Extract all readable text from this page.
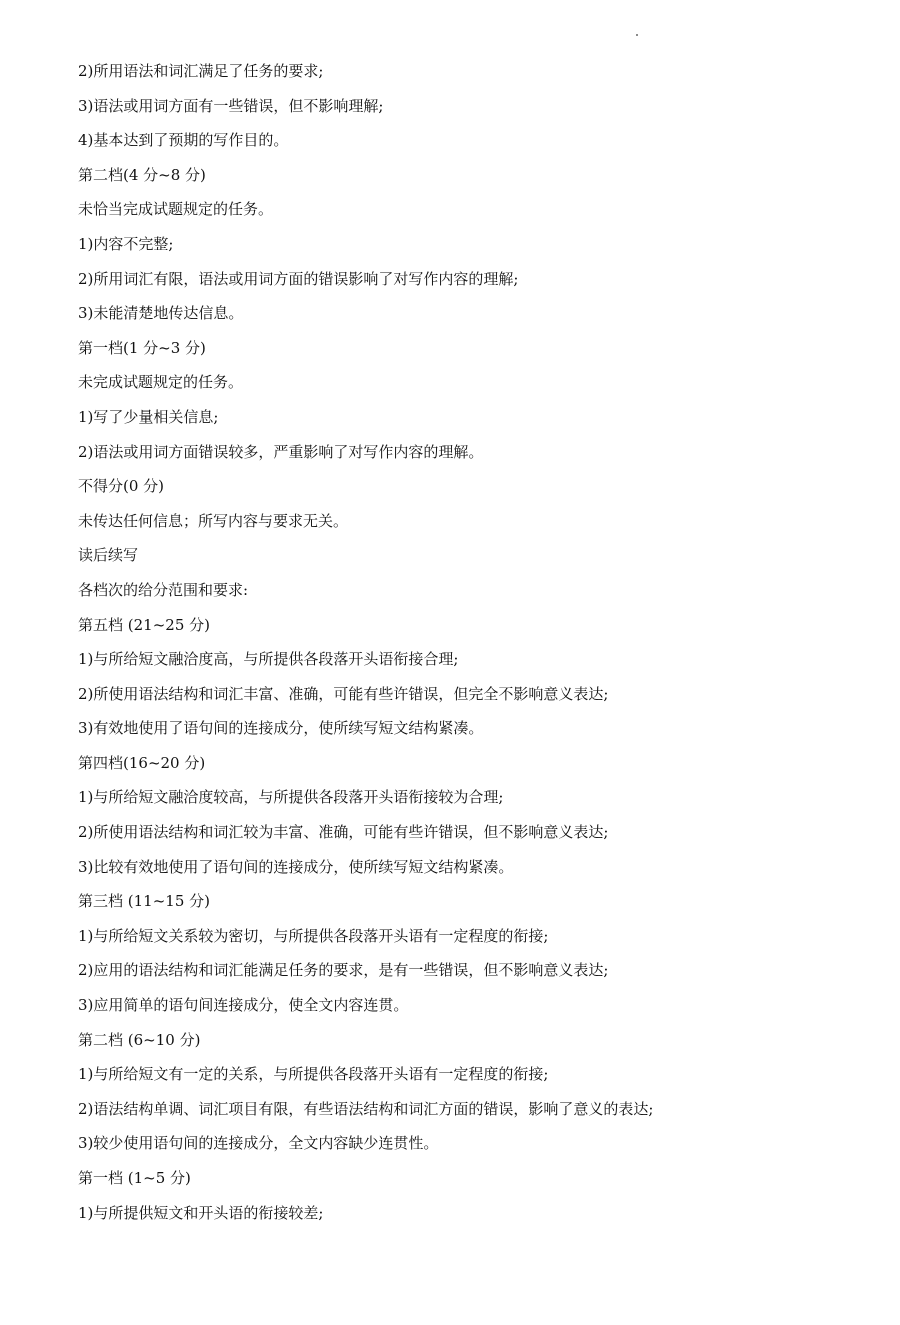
2)所用语法和词汇满足了任务的要求;
3)语法或用词方面有一些错误，但不影响理解;
4)基本达到了预期的写作目的。
第二档(4 分~8 分)
未恰当完成试题规定的任务。
1)内容不完整;
2)所用词汇有限，语法或用词方面的错误影响了对写作内容的理解;
3)未能清楚地传达信息。
第一档(1 分~3 分)
未完成试题规定的任务。
1)写了少量相关信息;
2)语法或用词方面错误较多，严重影响了对写作内容的理解。
不得分(0 分)
未传达任何信息；所写内容与要求无关。
读后续写
各档次的给分范围和要求:
第五档 (21~25 分)
1)与所给短文融洽度高，与所提供各段落开头语衔接合理;
2)所使用语法结构和词汇丰富、准确，可能有些许错误，但完全不影响意义表达;
3)有效地使用了语句间的连接成分，使所续写短文结构紧凑。
第四档(16~20 分)
1)与所给短文融洽度较高，与所提供各段落开头语衔接较为合理;
2)所使用语法结构和词汇较为丰富、准确，可能有些许错误，但不影响意义表达;
3)比较有效地使用了语句间的连接成分，使所续写短文结构紧凑。
第三档 (11~15 分)
1)与所给短文关系较为密切，与所提供各段落开头语有一定程度的衔接;
2)应用的语法结构和词汇能满足任务的要求，是有一些错误，但不影响意义表达;
3)应用简单的语句间连接成分，使全文内容连贯。
第二档 (6~10 分)
1)与所给短文有一定的关系，与所提供各段落开头语有一定程度的衔接;
2)语法结构单调、词汇项目有限，有些语法结构和词汇方面的错误，影响了意义的表达;
3)较少使用语句间的连接成分，全文内容缺少连贯性。
第一档 (1~5 分)
1)与所提供短文和开头语的衔接较差;
